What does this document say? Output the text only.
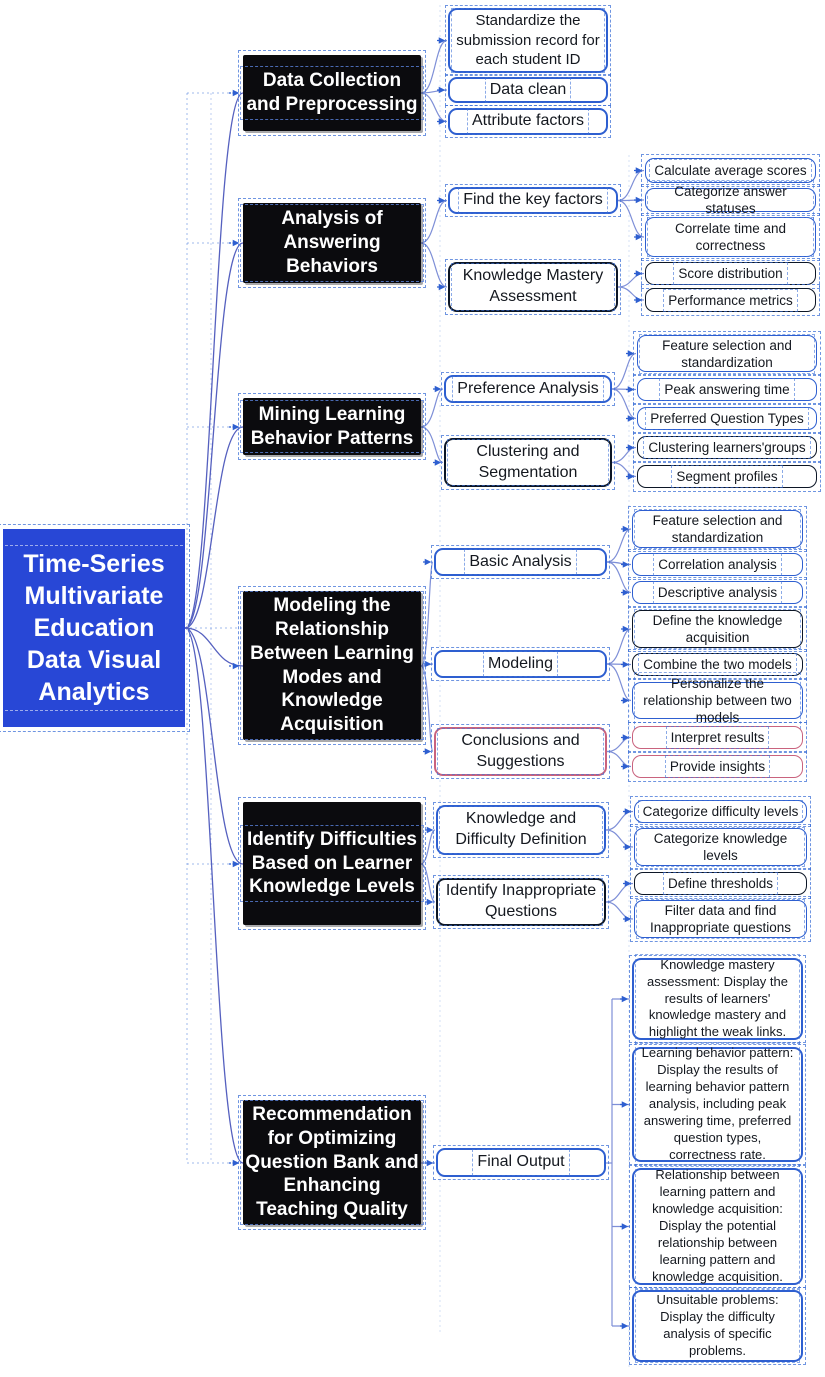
Time-Series Multivariate Education Data Visual Analytics
Data Collection and Preprocessing
Analysis of Answering Behaviors
Mining Learning Behavior Patterns
Modeling the Relationship Between Learning Modes and Knowledge Acquisition
Identify Difficulties Based on Learner Knowledge Levels
Recommendation for Optimizing Question Bank and Enhancing Teaching Quality
Standardize the submission record for each student ID
Data clean
Attribute factors
Find the key factors
Knowledge Mastery Assessment
Preference Analysis
Clustering and Segmentation
Basic Analysis
Modeling
Conclusions and Suggestions
Knowledge and Difficulty Definition
Identify Inappropriate Questions
Final Output
Calculate average scores
Categorize answer statuses
Correlate time and correctness
Score distribution
Performance metrics
Feature selection and standardization
Peak answering time
Preferred Question Types
Clustering learners'groups
Segment profiles
Feature selection and standardization
Correlation analysis
Descriptive analysis
Define the knowledge acquisition
Combine the two models
Personalize the relationship between two models
Interpret results
Provide insights
Categorize difficulty levels
Categorize knowledge levels
Define thresholds
Filter data and find Inappropriate questions
Knowledge mastery assessment: Display the results of learners' knowledge mastery and highlight the weak links.
Learning behavior pattern: Display the results of learning behavior pattern analysis, including peak answering time, preferred question types, correctness rate.
Relationship between learning pattern and knowledge acquisition: Display the potential relationship between learning pattern and knowledge acquisition.
Unsuitable problems: Display the difficulty analysis of specific problems.
